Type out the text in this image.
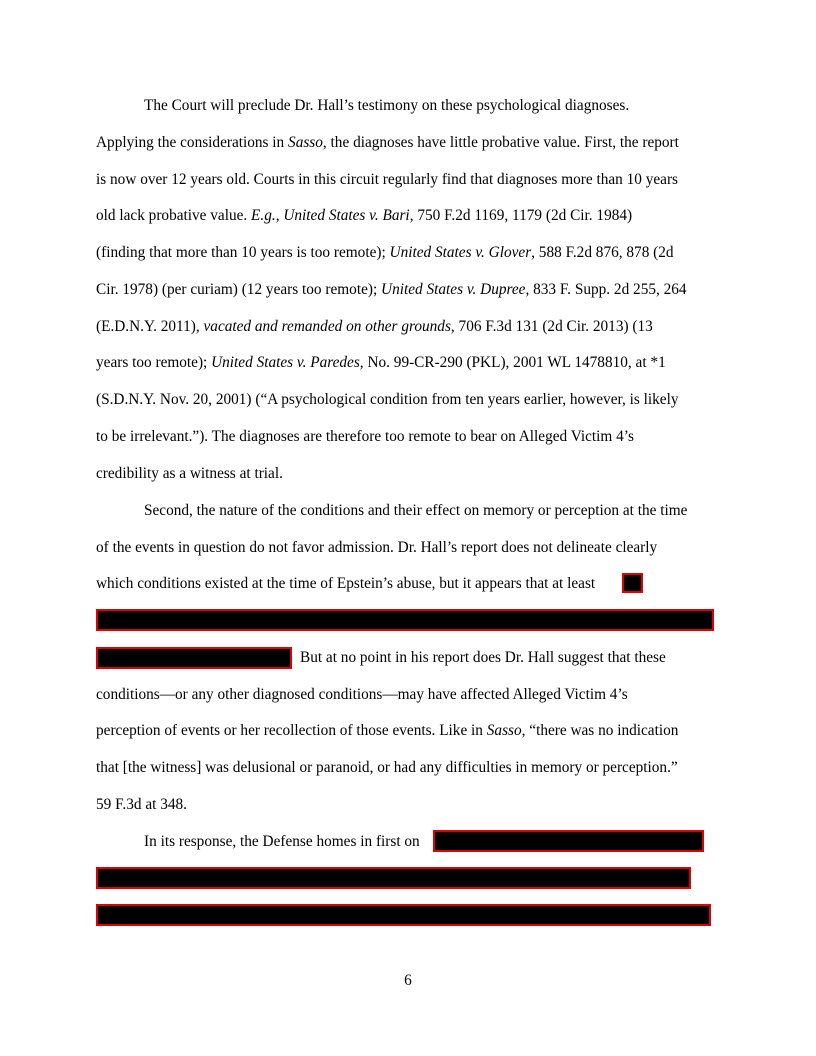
The Court will preclude Dr. Hall’s testimony on these psychological diagnoses.
Applying the considerations in Sasso, the diagnoses have little probative value. First, the report
is now over 12 years old. Courts in this circuit regularly find that diagnoses more than 10 years
old lack probative value. E.g., United States v. Bari, 750 F.2d 1169, 1179 (2d Cir. 1984)
(finding that more than 10 years is too remote); United States v. Glover, 588 F.2d 876, 878 (2d
Cir. 1978) (per curiam) (12 years too remote); United States v. Dupree, 833 F. Supp. 2d 255, 264
(E.D.N.Y. 2011), vacated and remanded on other grounds, 706 F.3d 131 (2d Cir. 2013) (13
years too remote); United States v. Paredes, No. 99-CR-290 (PKL), 2001 WL 1478810, at *1
(S.D.N.Y. Nov. 20, 2001) (“A psychological condition from ten years earlier, however, is likely
to be irrelevant.”). The diagnoses are therefore too remote to bear on Alleged Victim 4’s
credibility as a witness at trial.
Second, the nature of the conditions and their effect on memory or perception at the time
of the events in question do not favor admission. Dr. Hall’s report does not delineate clearly
which conditions existed at the time of Epstein’s abuse, but it appears that at least
But at no point in his report does Dr. Hall suggest that these
conditions—or any other diagnosed conditions—may have affected Alleged Victim 4’s
perception of events or her recollection of those events. Like in Sasso, “there was no indication
that [the witness] was delusional or paranoid, or had any difficulties in memory or perception.”
59 F.3d at 348.
In its response, the Defense homes in first on
6
